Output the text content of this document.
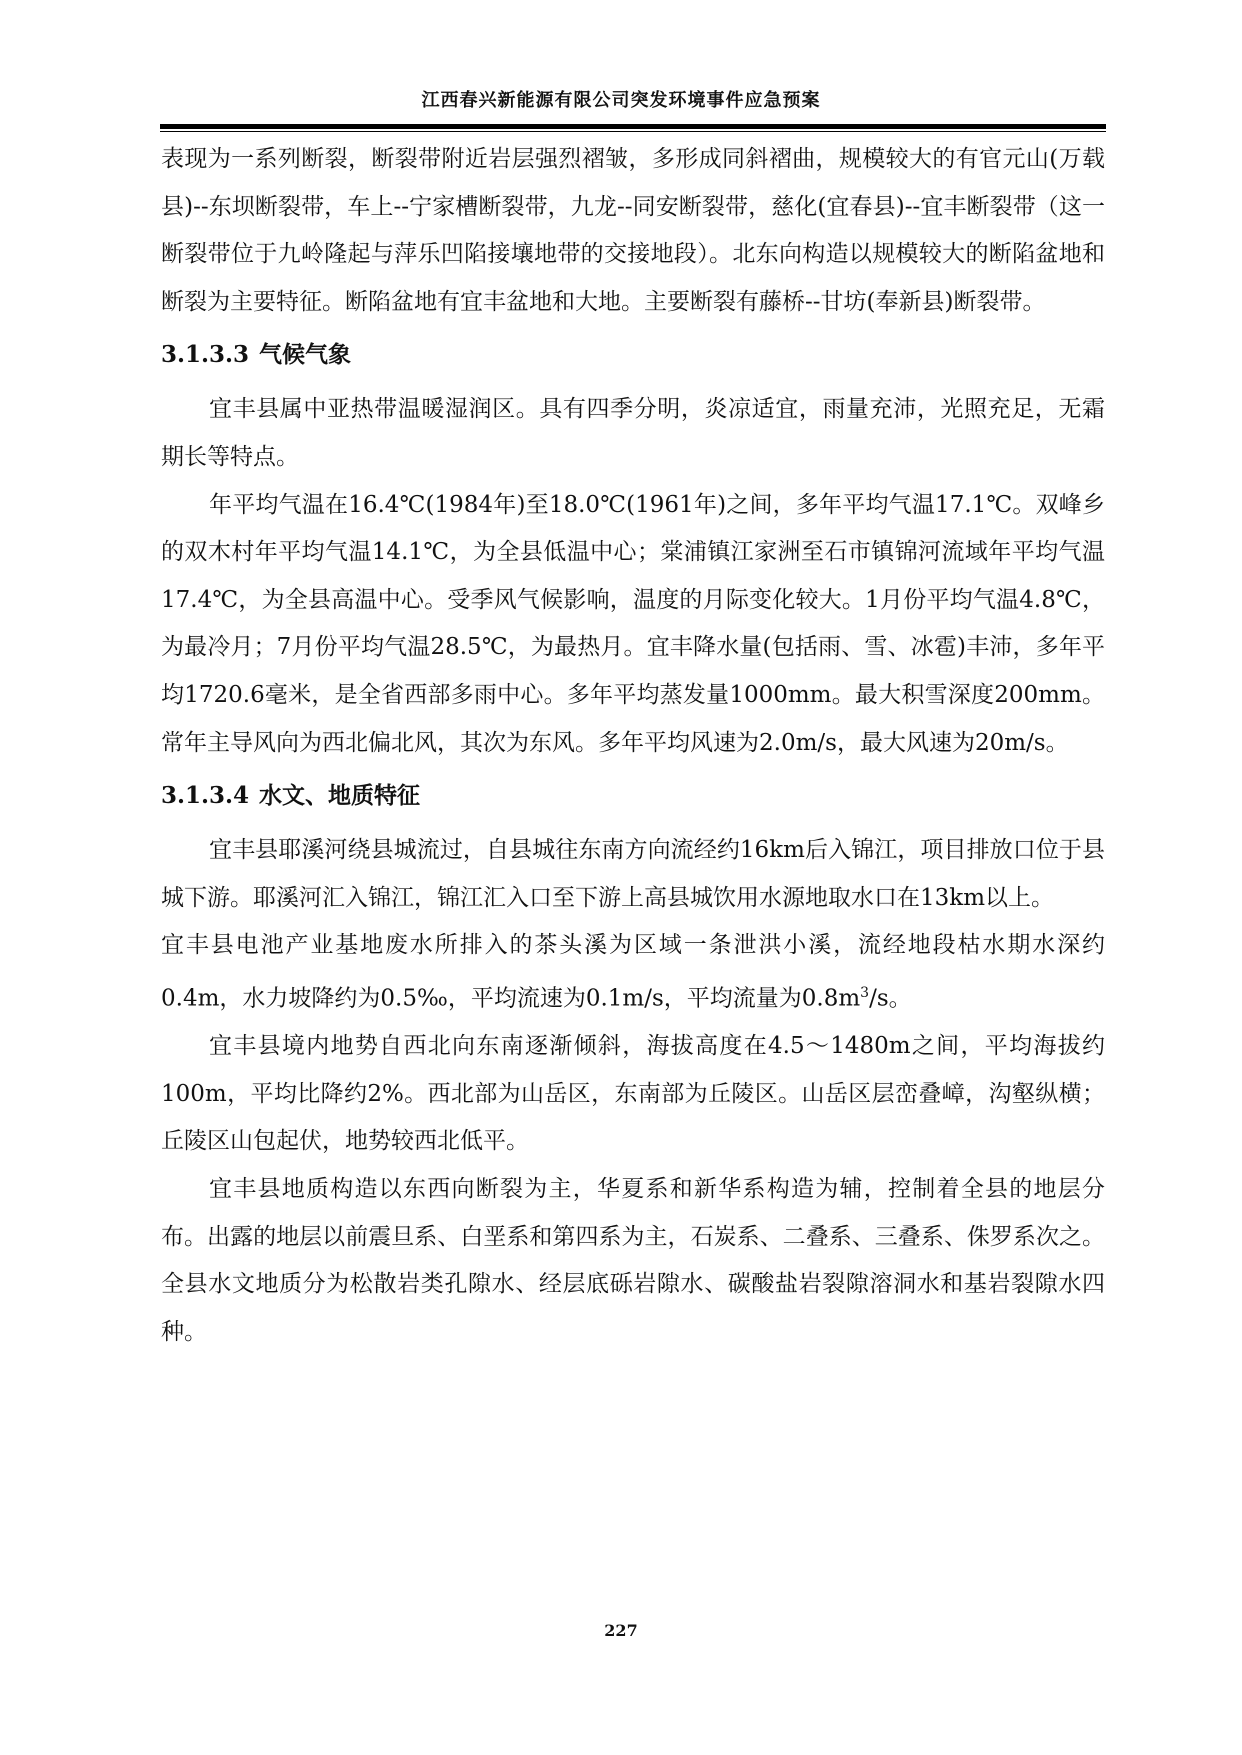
江西春兴新能源有限公司突发环境事件应急预案

表现为一系列断裂，断裂带附近岩层强烈褶皱，多形成同斜褶曲，规模较大的有官元山(万载县)--东坝断裂带，车上--宁家槽断裂带，九龙--同安断裂带，慈化(宜春县)--宜丰断裂带（这一断裂带位于九岭隆起与萍乐凹陷接壤地带的交接地段）。北东向构造以规模较大的断陷盆地和断裂为主要特征。断陷盆地有宜丰盆地和大地。主要断裂有藤桥--甘坊(奉新县)断裂带。

3.1.3.3 气候气象

宜丰县属中亚热带温暖湿润区。具有四季分明，炎凉适宜，雨量充沛，光照充足，无霜期长等特点。

年平均气温在16.4℃(1984年)至18.0℃(1961年)之间，多年平均气温17.1℃。双峰乡的双木村年平均气温14.1℃，为全县低温中心；棠浦镇江家洲至石市镇锦河流域年平均气温17.4℃，为全县高温中心。受季风气候影响，温度的月际变化较大。1月份平均气温4.8℃，为最冷月；7月份平均气温28.5℃，为最热月。宜丰降水量(包括雨、雪、冰雹)丰沛，多年平均1720.6毫米，是全省西部多雨中心。多年平均蒸发量1000mm。最大积雪深度200mm。常年主导风向为西北偏北风，其次为东风。多年平均风速为2.0m/s，最大风速为20m/s。

3.1.3.4 水文、地质特征

宜丰县耶溪河绕县城流过，自县城往东南方向流经约16km后入锦江，项目排放口位于县城下游。耶溪河汇入锦江，锦江汇入口至下游上高县城饮用水源地取水口在13km以上。

宜丰县电池产业基地废水所排入的茶头溪为区域一条泄洪小溪，流经地段枯水期水深约0.4m，水力坡降约为0.5‰，平均流速为0.1m/s，平均流量为$0.8m^3/s$。

宜丰县境内地势自西北向东南逐渐倾斜，海拔高度在4.5～1480m之间，平均海拔约100m，平均比降约2%。西北部为山岳区，东南部为丘陵区。山岳区层峦叠嶂，沟壑纵横；丘陵区山包起伏，地势较西北低平。

宜丰县地质构造以东西向断裂为主，华夏系和新华系构造为辅，控制着全县的地层分布。出露的地层以前震旦系、白垩系和第四系为主，石炭系、二叠系、三叠系、侏罗系次之。全县水文地质分为松散岩类孔隙水、经层底砾岩隙水、碳酸盐岩裂隙溶洞水和基岩裂隙水四种。

227
